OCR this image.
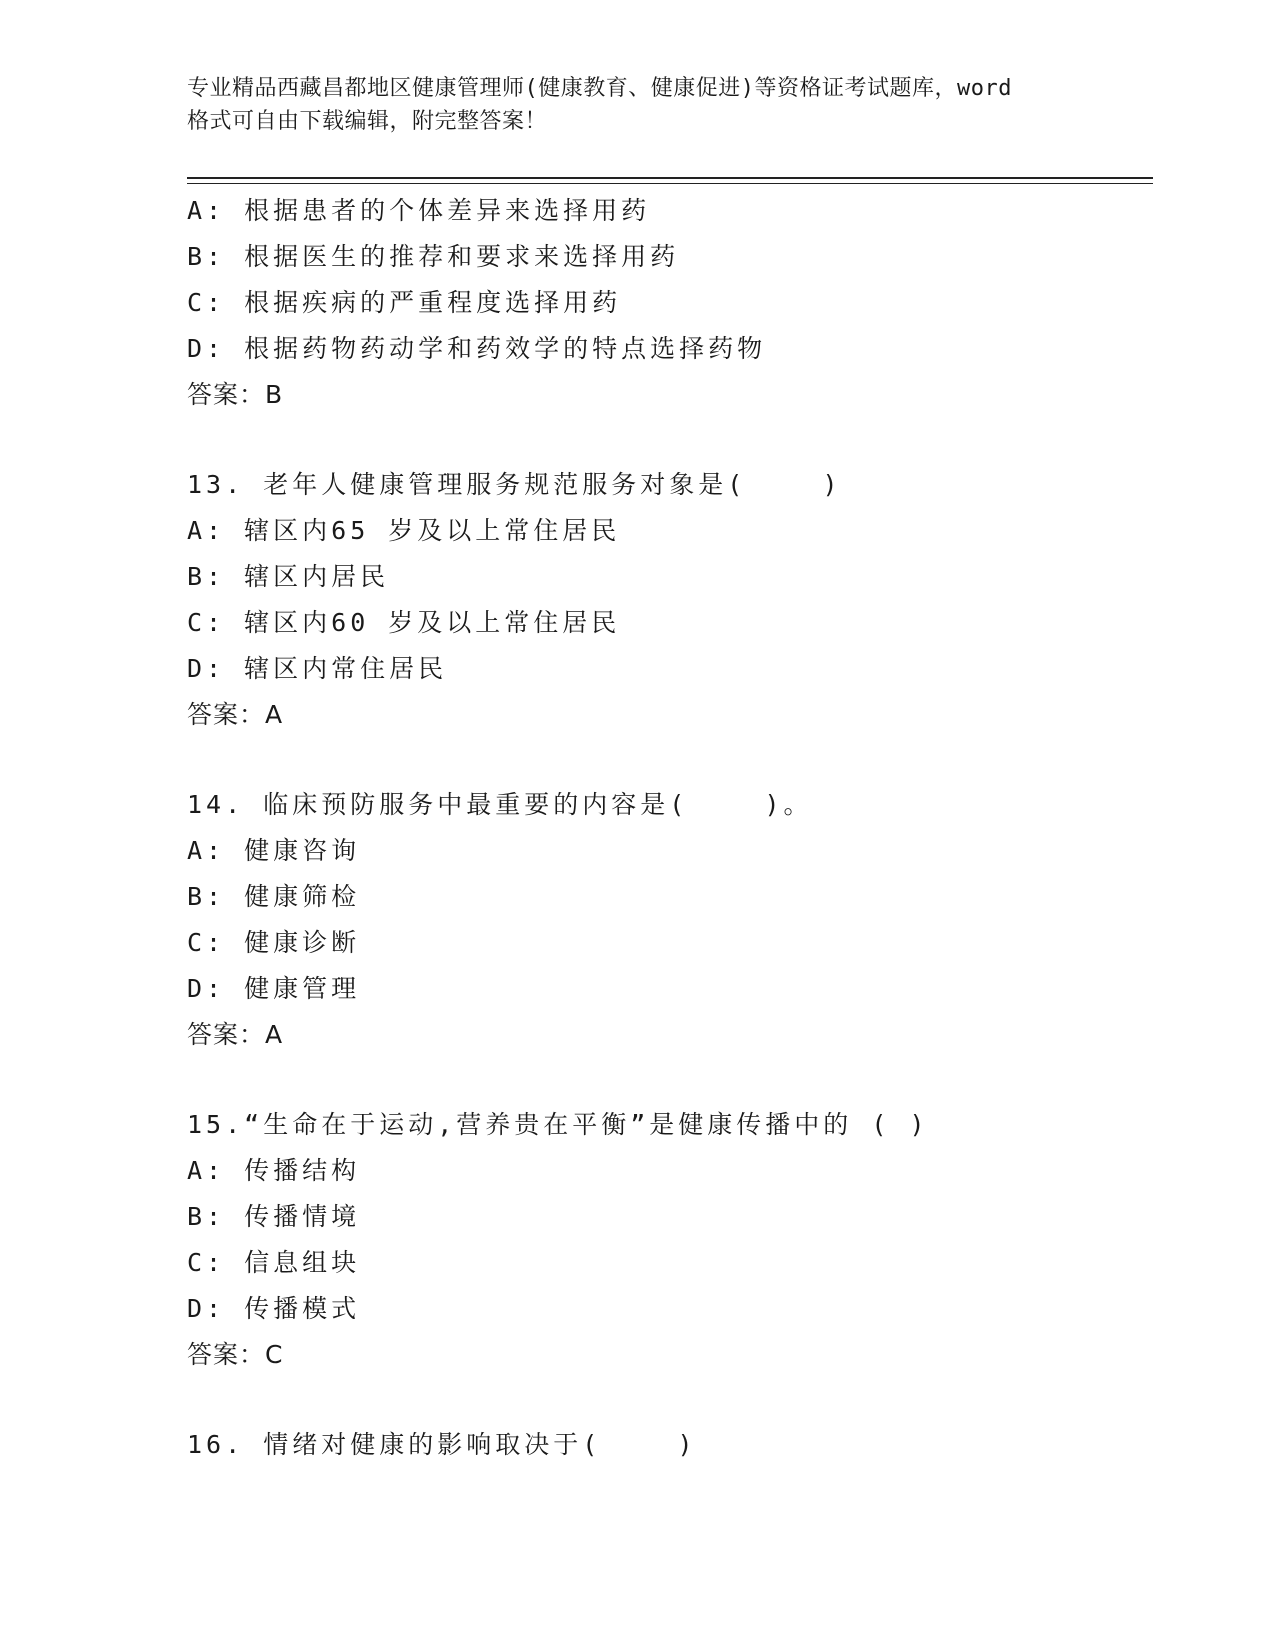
专业精品西藏昌都地区健康管理师(健康教育、健康促进)等资格证考试题库，word
格式可自由下载编辑，附完整答案！
A: 根据患者的个体差异来选择用药
B: 根据医生的推荐和要求来选择用药
C: 根据疾病的严重程度选择用药
D: 根据药物药动学和药效学的特点选择药物
答案：B
13. 老年人健康管理服务规范服务对象是(    )
A: 辖区内65 岁及以上常住居民
B: 辖区内居民
C: 辖区内60 岁及以上常住居民
D: 辖区内常住居民
答案：A
14. 临床预防服务中最重要的内容是(    )。
A: 健康咨询
B: 健康筛检
C: 健康诊断
D: 健康管理
答案：A
15.“生命在于运动,营养贵在平衡”是健康传播中的 ( )
A: 传播结构
B: 传播情境
C: 信息组块
D: 传播模式
答案：C
16. 情绪对健康的影响取决于(    )
